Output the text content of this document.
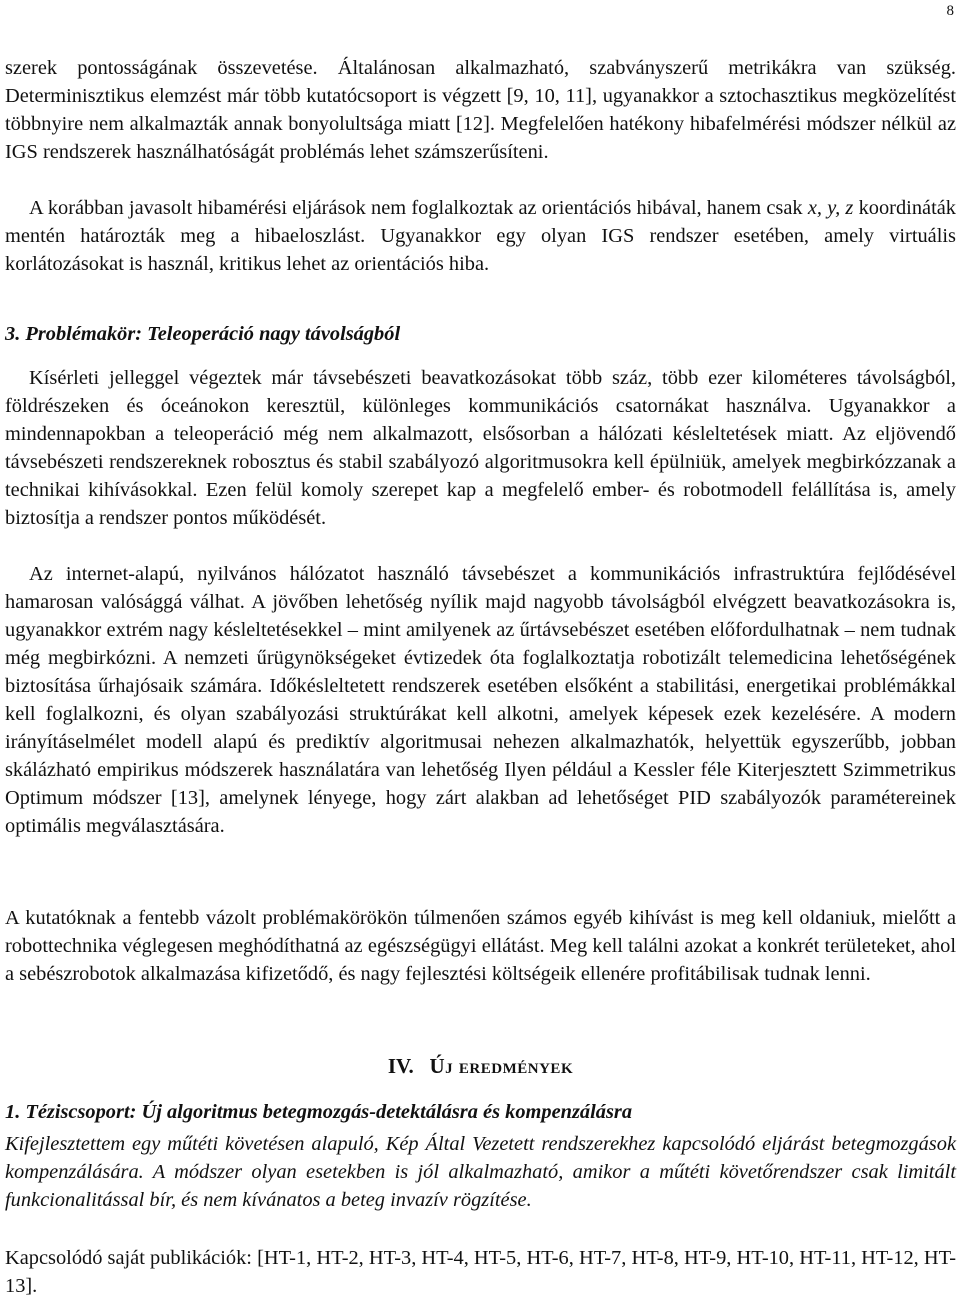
8

szerek pontosságának összevetése. Általánosan alkalmazható, szabványszerű metrikákra van szükség. Determinisztikus elemzést már több kutatócsoport is végzett [9, 10, 11], ugyanakkor a sztochasztikus megközelítést többnyire nem alkalmazták annak bonyolultsága miatt [12]. Megfelelően hatékony hibafelmérési módszer nélkül az IGS rendszerek használhatóságát problémás lehet számszerűsíteni.

A korábban javasolt hibamérési eljárások nem foglalkoztak az orientációs hibával, hanem csak x, y, z koordináták mentén határozták meg a hibaeloszlást. Ugyanakkor egy olyan IGS rendszer esetében, amely virtuális korlátozásokat is használ, kritikus lehet az orientációs hiba.

3. Problémakör: Teleoperáció nagy távolságból

Kísérleti jelleggel végeztek már távsebészeti beavatkozásokat több száz, több ezer kilométeres távolságból, földrészeken és óceánokon keresztül, különleges kommunikációs csatornákat használva. Ugyanakkor a mindennapokban a teleoperáció még nem alkalmazott, elsősorban a hálózati késleltetések miatt. Az eljövendő távsebészeti rendszereknek robosztus és stabil szabályozó algoritmusokra kell épülniük, amelyek megbirkózzanak a technikai kihívásokkal. Ezen felül komoly szerepet kap a megfelelő ember- és robotmodell felállítása is, amely biztosítja a rendszer pontos működését.

Az internet-alapú, nyilvános hálózatot használó távsebészet a kommunikációs infrastruktúra fejlődésével hamarosan valósággá válhat. A jövőben lehetőség nyílik majd nagyobb távolságból elvégzett beavatkozásokra is, ugyanakkor extrém nagy késleltetésekkel – mint amilyenek az űrtávsebészet esetében előfordulhatnak – nem tudnak még megbirkózni. A nemzeti űrügynökségeket évtizedek óta foglalkoztatja robotizált telemedicina lehetőségének biztosítása űrhajósaik számára. Időkésleltetett rendszerek esetében elsőként a stabilitási, energetikai problémákkal kell foglalkozni, és olyan szabályozási struktúrákat kell alkotni, amelyek képesek ezek kezelésére. A modern irányításelmélet modell alapú és prediktív algoritmusai nehezen alkalmazhatók, helyettük egyszerűbb, jobban skálázható empirikus módszerek használatára van lehetőség Ilyen például a Kessler féle Kiterjesztett Szimmetrikus Optimum módszer [13], amelynek lényege, hogy zárt alakban ad lehetőséget PID szabályozók paramétereinek optimális megválasztására.

A kutatóknak a fentebb vázolt problémakörökön túlmenően számos egyéb kihívást is meg kell oldaniuk, mielőtt a robottechnika véglegesen meghódíthatná az egészségügyi ellátást. Meg kell találni azokat a konkrét területeket, ahol a sebészrobotok alkalmazása kifizetődő, és nagy fejlesztési költségeik ellenére profitábilisak tudnak lenni.

IV. Új eredmények
1. Téziscsoport: Új algoritmus betegmozgás-detektálásra és kompenzálásra

Kifejlesztettem egy műtéti követésen alapuló, Kép Által Vezetett rendszerekhez kapcsolódó eljárást betegmozgások kompenzálására. A módszer olyan esetekben is jól alkalmazható, amikor a műtéti követőrendszer csak limitált funkcionalitással bír, és nem kívánatos a beteg invazív rögzítése.

Kapcsolódó saját publikációk: [HT-1, HT-2, HT-3, HT-4, HT-5, HT-6, HT-7, HT-8, HT-9, HT-10, HT-11, HT-12, HT-13].
